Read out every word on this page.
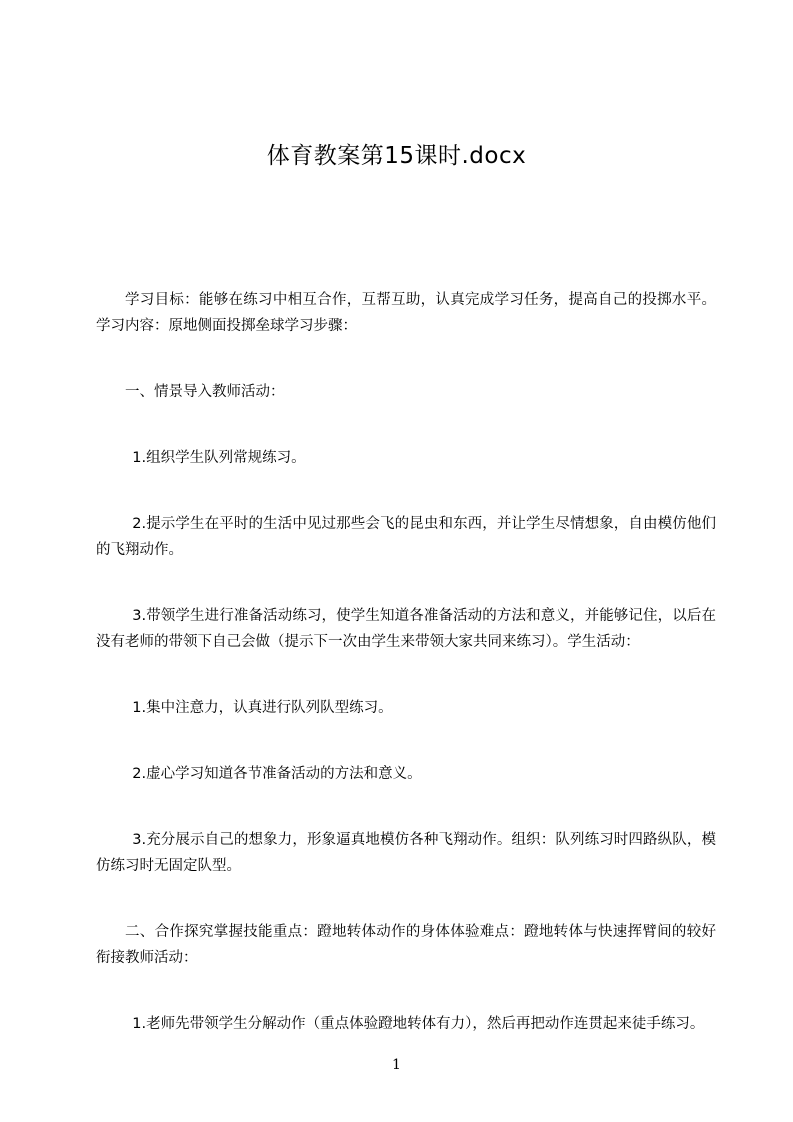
体育教案第15课时.docx

学习目标：能够在练习中相互合作，互帮互助，认真完成学习任务，提高自己的投掷水平。学习内容：原地侧面投掷垒球学习步骤：

一、情景导入教师活动：

1.组织学生队列常规练习。

2.提示学生在平时的生活中见过那些会飞的昆虫和东西，并让学生尽情想象，自由模仿他们的飞翔动作。

3.带领学生进行准备活动练习，使学生知道各准备活动的方法和意义，并能够记住，以后在没有老师的带领下自己会做（提示下一次由学生来带领大家共同来练习）。学生活动：

1.集中注意力，认真进行队列队型练习。

2.虚心学习知道各节准备活动的方法和意义。

3.充分展示自己的想象力，形象逼真地模仿各种飞翔动作。组织：队列练习时四路纵队，模仿练习时无固定队型。

二、合作探究掌握技能重点：蹬地转体动作的身体体验难点：蹬地转体与快速挥臂间的较好衔接教师活动：

1.老师先带领学生分解动作（重点体验蹬地转体有力），然后再把动作连贯起来徒手练习。

1
